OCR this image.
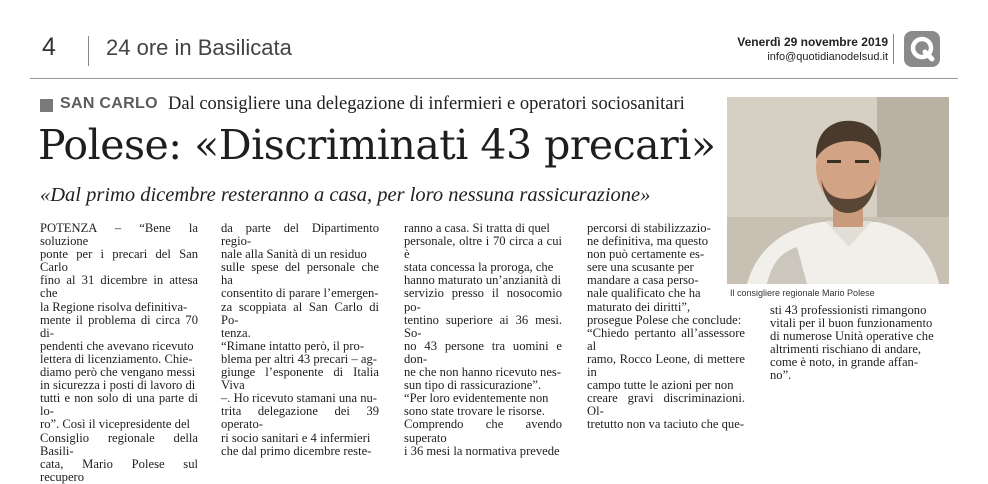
4 24 ore in Basilicata	Venerdì 29 novembre 2019
info@quotidianodelsud.it
SAN CARLO Dal consigliere una delegazione di infermieri e operatori sociosanitari
Polese: «Discriminati 43 precari»
«Dal primo dicembre resteranno a casa, per loro nessuna rassicurazione»
POTENZA – “Bene la soluzione
ponte per i precari del San Carlo
fino al 31 dicembre in attesa che
la Regione risolva definitiva-
mente il problema di circa 70 di-
pendenti che avevano ricevuto
lettera di licenziamento. Chie-
diamo però che vengano messi
in sicurezza i posti di lavoro di
tutti e non solo di una parte di lo-
ro”. Così il vicepresidente del
Consiglio regionale della Basili-
cata, Mario Polese sul recupero
da parte del Dipartimento regio-
nale alla Sanità di un residuo
sulle spese del personale che ha
consentito di parare l’emergen-
za scoppiata al San Carlo di Po-
tenza.
“Rimane intatto però, il pro-
blema per altri 43 precari – ag-
giunge l’esponente di Italia Viva
–. Ho ricevuto stamani una nu-
trita delegazione dei 39 operato-
ri socio sanitari e 4 infermieri
che dal primo dicembre reste-
ranno a casa. Si tratta di quel
personale, oltre i 70 circa a cui è
stata concessa la proroga, che
hanno maturato un’anzianità di
servizio presso il nosocomio po-
tentino superiore ai 36 mesi. So-
no 43 persone tra uomini e don-
ne che non hanno ricevuto nes-
sun tipo di rassicurazione”.
“Per loro evidentemente non
sono state trovare le risorse.
Comprendo che avendo superato
i 36 mesi la normativa prevede
percorsi di stabilizzazio-
ne definitiva, ma questo
non può certamente es-
sere una scusante per
mandare a casa perso-
nale qualificato che ha
maturato dei diritti”,
prosegue Polese che conclude:
“Chiedo pertanto all’assessore al
ramo, Rocco Leone, di mettere in
campo tutte le azioni per non
creare gravi discriminazioni. Ol-
tretutto non va taciuto che que-
sti 43 professionisti rimangono
vitali per il buon funzionamento
di numerose Unità operative che
altrimenti rischiano di andare,
come è noto, in grande affan-
no”.
Il consigliere regionale Mario Polese
